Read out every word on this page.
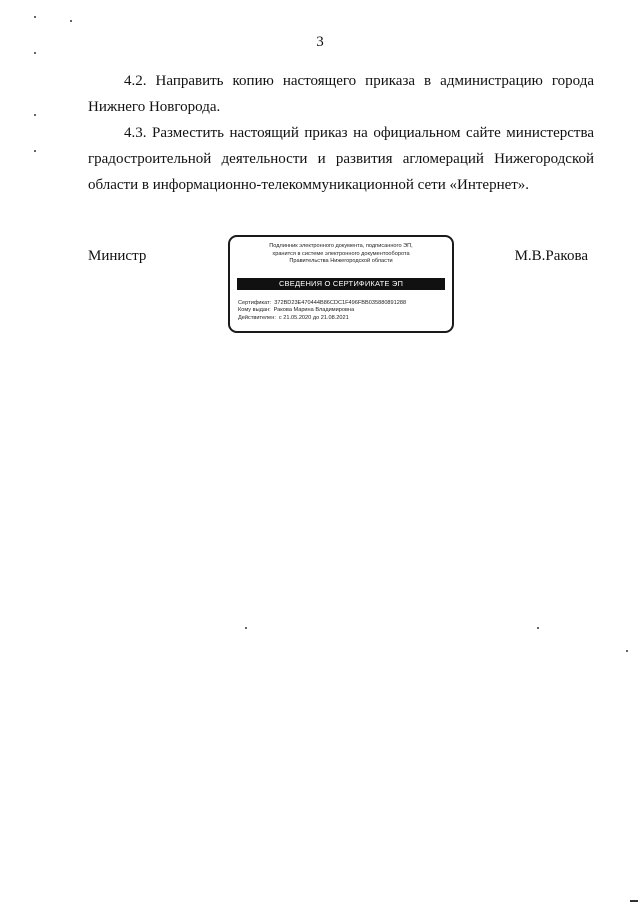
3
4.2. Направить копию настоящего приказа в администрацию города
Нижнего Новгорода.
4.3. Разместить настоящий приказ на официальном сайте министерства
градостроительной деятельности и развития агломераций Нижегородской
области в информационно-телекоммуникационной сети «Интернет».
Министр
Подлинник электронного документа, подписанного ЭП,
хранится в системе электронного документооборота
Правительства Нижегородской области
СВЕДЕНИЯ О СЕРТИФИКАТЕ ЭП
Сертификат: 372BD23E470444B86CDC1F496FBB035880891288
Кому выдан: Ракова Марина Владимировна
Действителен: с 21.05.2020 до 21.08.2021
М.В.Ракова
